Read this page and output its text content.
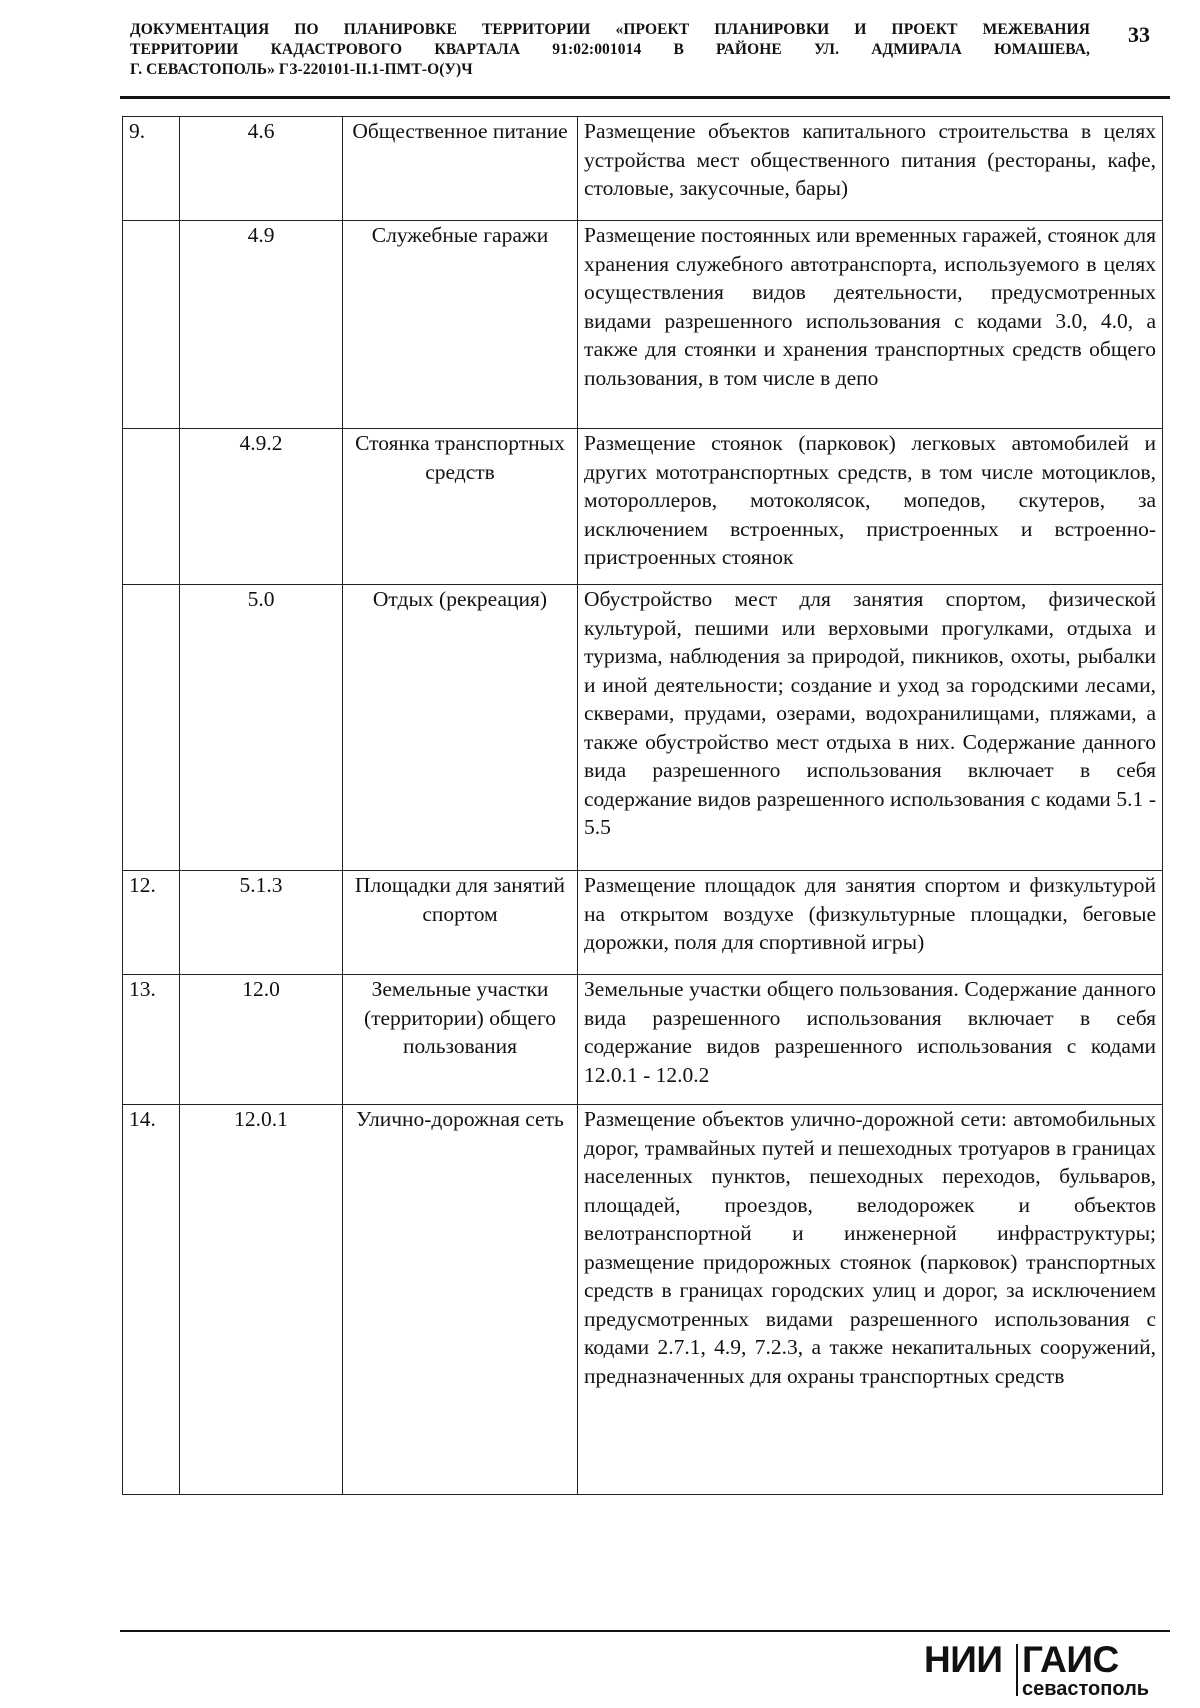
ДОКУМЕНТАЦИЯ ПО ПЛАНИРОВКЕ ТЕРРИТОРИИ «ПРОЕКТ ПЛАНИРОВКИ И ПРОЕКТ МЕЖЕВАНИЯ
ТЕРРИТОРИИ КАДАСТРОВОГО КВАРТАЛА 91:02:001014 В РАЙОНЕ УЛ. АДМИРАЛА ЮМАШЕВА,
Г. СЕВАСТОПОЛЬ» ГЗ-220101-II.1-ПМТ-О(У)Ч
33
9.	4.6	Общественное питание	Размещение объектов капитального строительства в целях устройства мест общественного питания (рестораны, кафе, столовые, закусочные, бары)
	4.9	Служебные гаражи	Размещение постоянных или временных гаражей, стоянок для хранения служебного автотранспорта, используемого в целях осуществления видов деятельности, предусмотренных видами разрешенного использования с кодами 3.0, 4.0, а также для стоянки и хранения транспортных средств общего пользования, в том числе в депо
	4.9.2	Стоянка транспортных средств	Размещение стоянок (парковок) легковых автомобилей и других мототранспортных средств, в том числе мотоциклов, мотороллеров, мотоколясок, мопедов, скутеров, за исключением встроенных, пристроенных и встроенно-пристроенных стоянок
	5.0	Отдых (рекреация)	Обустройство мест для занятия спортом, физической культурой, пешими или верховыми прогулками, отдыха и туризма, наблюдения за природой, пикников, охоты, рыбалки и иной деятельности; создание и уход за городскими лесами, скверами, прудами, озерами, водохранилищами, пляжами, а также обустройство мест отдыха в них. Содержание данного вида разрешенного использования включает в себя содержание видов разрешенного использования с кодами 5.1 - 5.5
12.	5.1.3	Площадки для занятий спортом	Размещение площадок для занятия спортом и физкультурой на открытом воздухе (физкультурные площадки, беговые дорожки, поля для спортивной игры)
13.	12.0	Земельные участки (территории) общего пользования	Земельные участки общего пользования. Содержание данного вида разрешенного использования включает в себя содержание видов разрешенного использования с кодами 12.0.1 - 12.0.2
14.	12.0.1	Улично-дорожная сеть	Размещение объектов улично-дорожной сети: автомобильных дорог, трамвайных путей и пешеходных тротуаров в границах населенных пунктов, пешеходных переходов, бульваров, площадей, проездов, велодорожек и объектов велотранспортной и инженерной инфраструктуры; размещение придорожных стоянок (парковок) транспортных средств в границах городских улиц и дорог, за исключением предусмотренных видами разрешенного использования с кодами 2.7.1, 4.9, 7.2.3, а также некапитальных сооружений, предназначенных для охраны транспортных средств
НИИ ГАИС
севастополь
